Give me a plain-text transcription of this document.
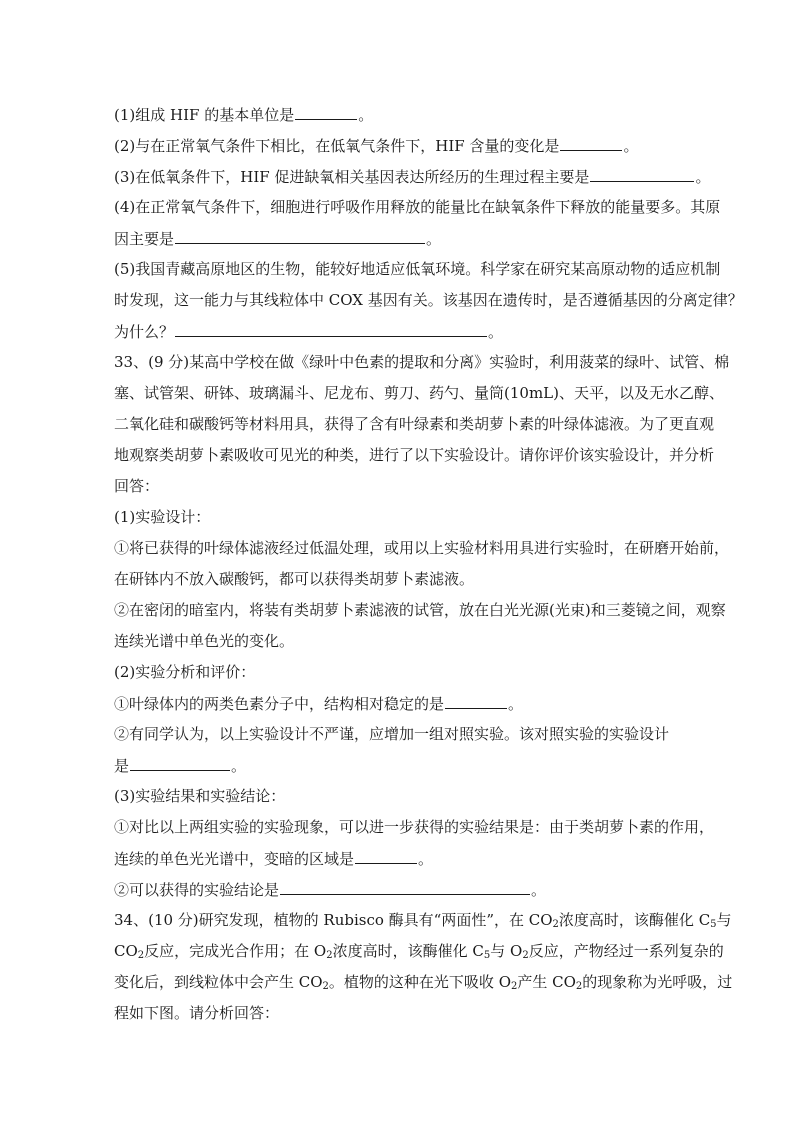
(1)组成 HIF 的基本单位是	。
(2)与在正常氧气条件下相比，在低氧气条件下，HIF 含量的变化是	。
(3)在低氧条件下，HIF 促进缺氧相关基因表达所经历的生理过程主要是	。
(4)在正常氧气条件下，细胞进行呼吸作用释放的能量比在缺氧条件下释放的能量要多。其原
因主要是	。
(5)我国青藏高原地区的生物，能较好地适应低氧环境。科学家在研究某高原动物的适应机制
时发现，这一能力与其线粒体中 COX 基因有关。该基因在遗传时，是否遵循基因的分离定律？
为什么？	。
33、(9 分)某高中学校在做《绿叶中色素的提取和分离》实验时，利用菠菜的绿叶、试管、棉
塞、试管架、研钵、玻璃漏斗、尼龙布、剪刀、药勺、量筒(10mL)、天平，以及无水乙醇、
二氧化硅和碳酸钙等材料用具，获得了含有叶绿素和类胡萝卜素的叶绿体滤液。为了更直观
地观察类胡萝卜素吸收可见光的种类，进行了以下实验设计。请你评价该实验设计，并分析
回答：
(1)实验设计：
①将已获得的叶绿体滤液经过低温处理，或用以上实验材料用具进行实验时，在研磨开始前，
在研钵内不放入碳酸钙，都可以获得类胡萝卜素滤液。
②在密闭的暗室内，将装有类胡萝卜素滤液的试管，放在白光光源(光束)和三菱镜之间，观察
连续光谱中单色光的变化。
(2)实验分析和评价：
①叶绿体内的两类色素分子中，结构相对稳定的是	。
②有同学认为，以上实验设计不严谨，应增加一组对照实验。该对照实验的实验设计
是	。
(3)实验结果和实验结论：
①对比以上两组实验的实验现象，可以进一步获得的实验结果是：由于类胡萝卜素的作用，
连续的单色光光谱中，变暗的区域是	。
②可以获得的实验结论是	。
34、(10 分)研究发现，植物的 Rubisco 酶具有“两面性”，在 $CO_2$浓度高时，该酶催化 $C_5$与
$CO_2$反应，完成光合作用；在 $O_2$浓度高时，该酶催化 $C_5$与 $O_2$反应，产物经过一系列复杂的
变化后，到线粒体中会产生 $CO_2$。植物的这种在光下吸收 $O_2$产生 $CO_2$的现象称为光呼吸，过
程如下图。请分析回答：
